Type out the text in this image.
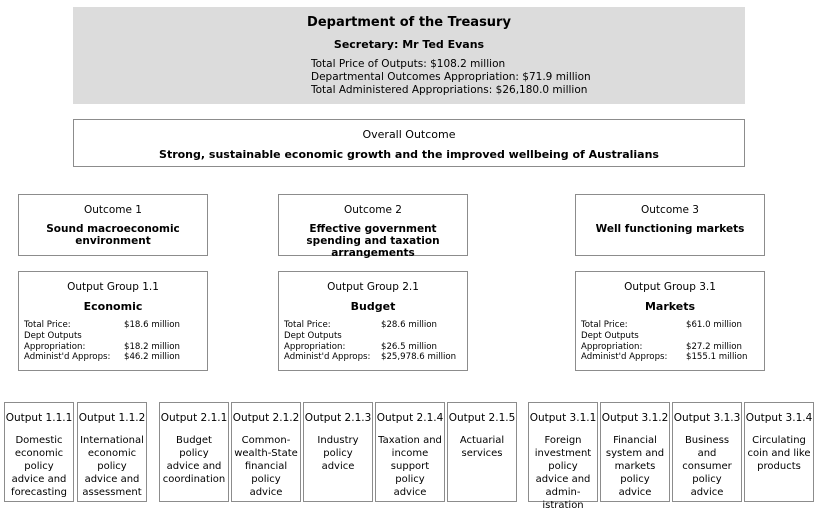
Department of the Treasury
Secretary: Mr Ted Evans
Total Price of Outputs: $108.2 million
Departmental Outcomes Appropriation: $71.9 million
Total Administered Appropriations: $26,180.0 million
Overall Outcome
Strong, sustainable economic growth and the improved wellbeing of Australians
Outcome 1
Sound macroeconomic environment
Outcome 2
Effective government spending and taxation arrangements
Outcome 3
Well functioning markets
Output Group 1.1
Economic
Total Price:	$18.6 million
Dept Outputs
Appropriation:	$18.2 million
Administ'd Approps: $46.2 million
Output Group 2.1
Budget
Total Price:	$28.6 million
Dept Outputs
Appropriation:	$26.5 million
Administ'd Approps: $25,978.6 million
Output Group 3.1
Markets
Total Price:	$61.0 million
Dept Outputs
Appropriation:	$27.2 million
Administ'd Approps: $155.1 million
Output 1.1.1
Domestic economic policy advice and forecasting
Output 1.1.2
International economic policy advice and assessment
Output 2.1.1
Budget policy advice and coordination
Output 2.1.2
Common-wealth-State financial policy advice
Output 2.1.3
Industry policy advice
Output 2.1.4
Taxation and income support policy advice
Output 2.1.5
Actuarial services
Output 3.1.1
Foreign investment policy advice and admin-istration
Output 3.1.2
Financial system and markets policy advice
Output 3.1.3
Business and consumer policy advice
Output 3.1.4
Circulating coin and like products
